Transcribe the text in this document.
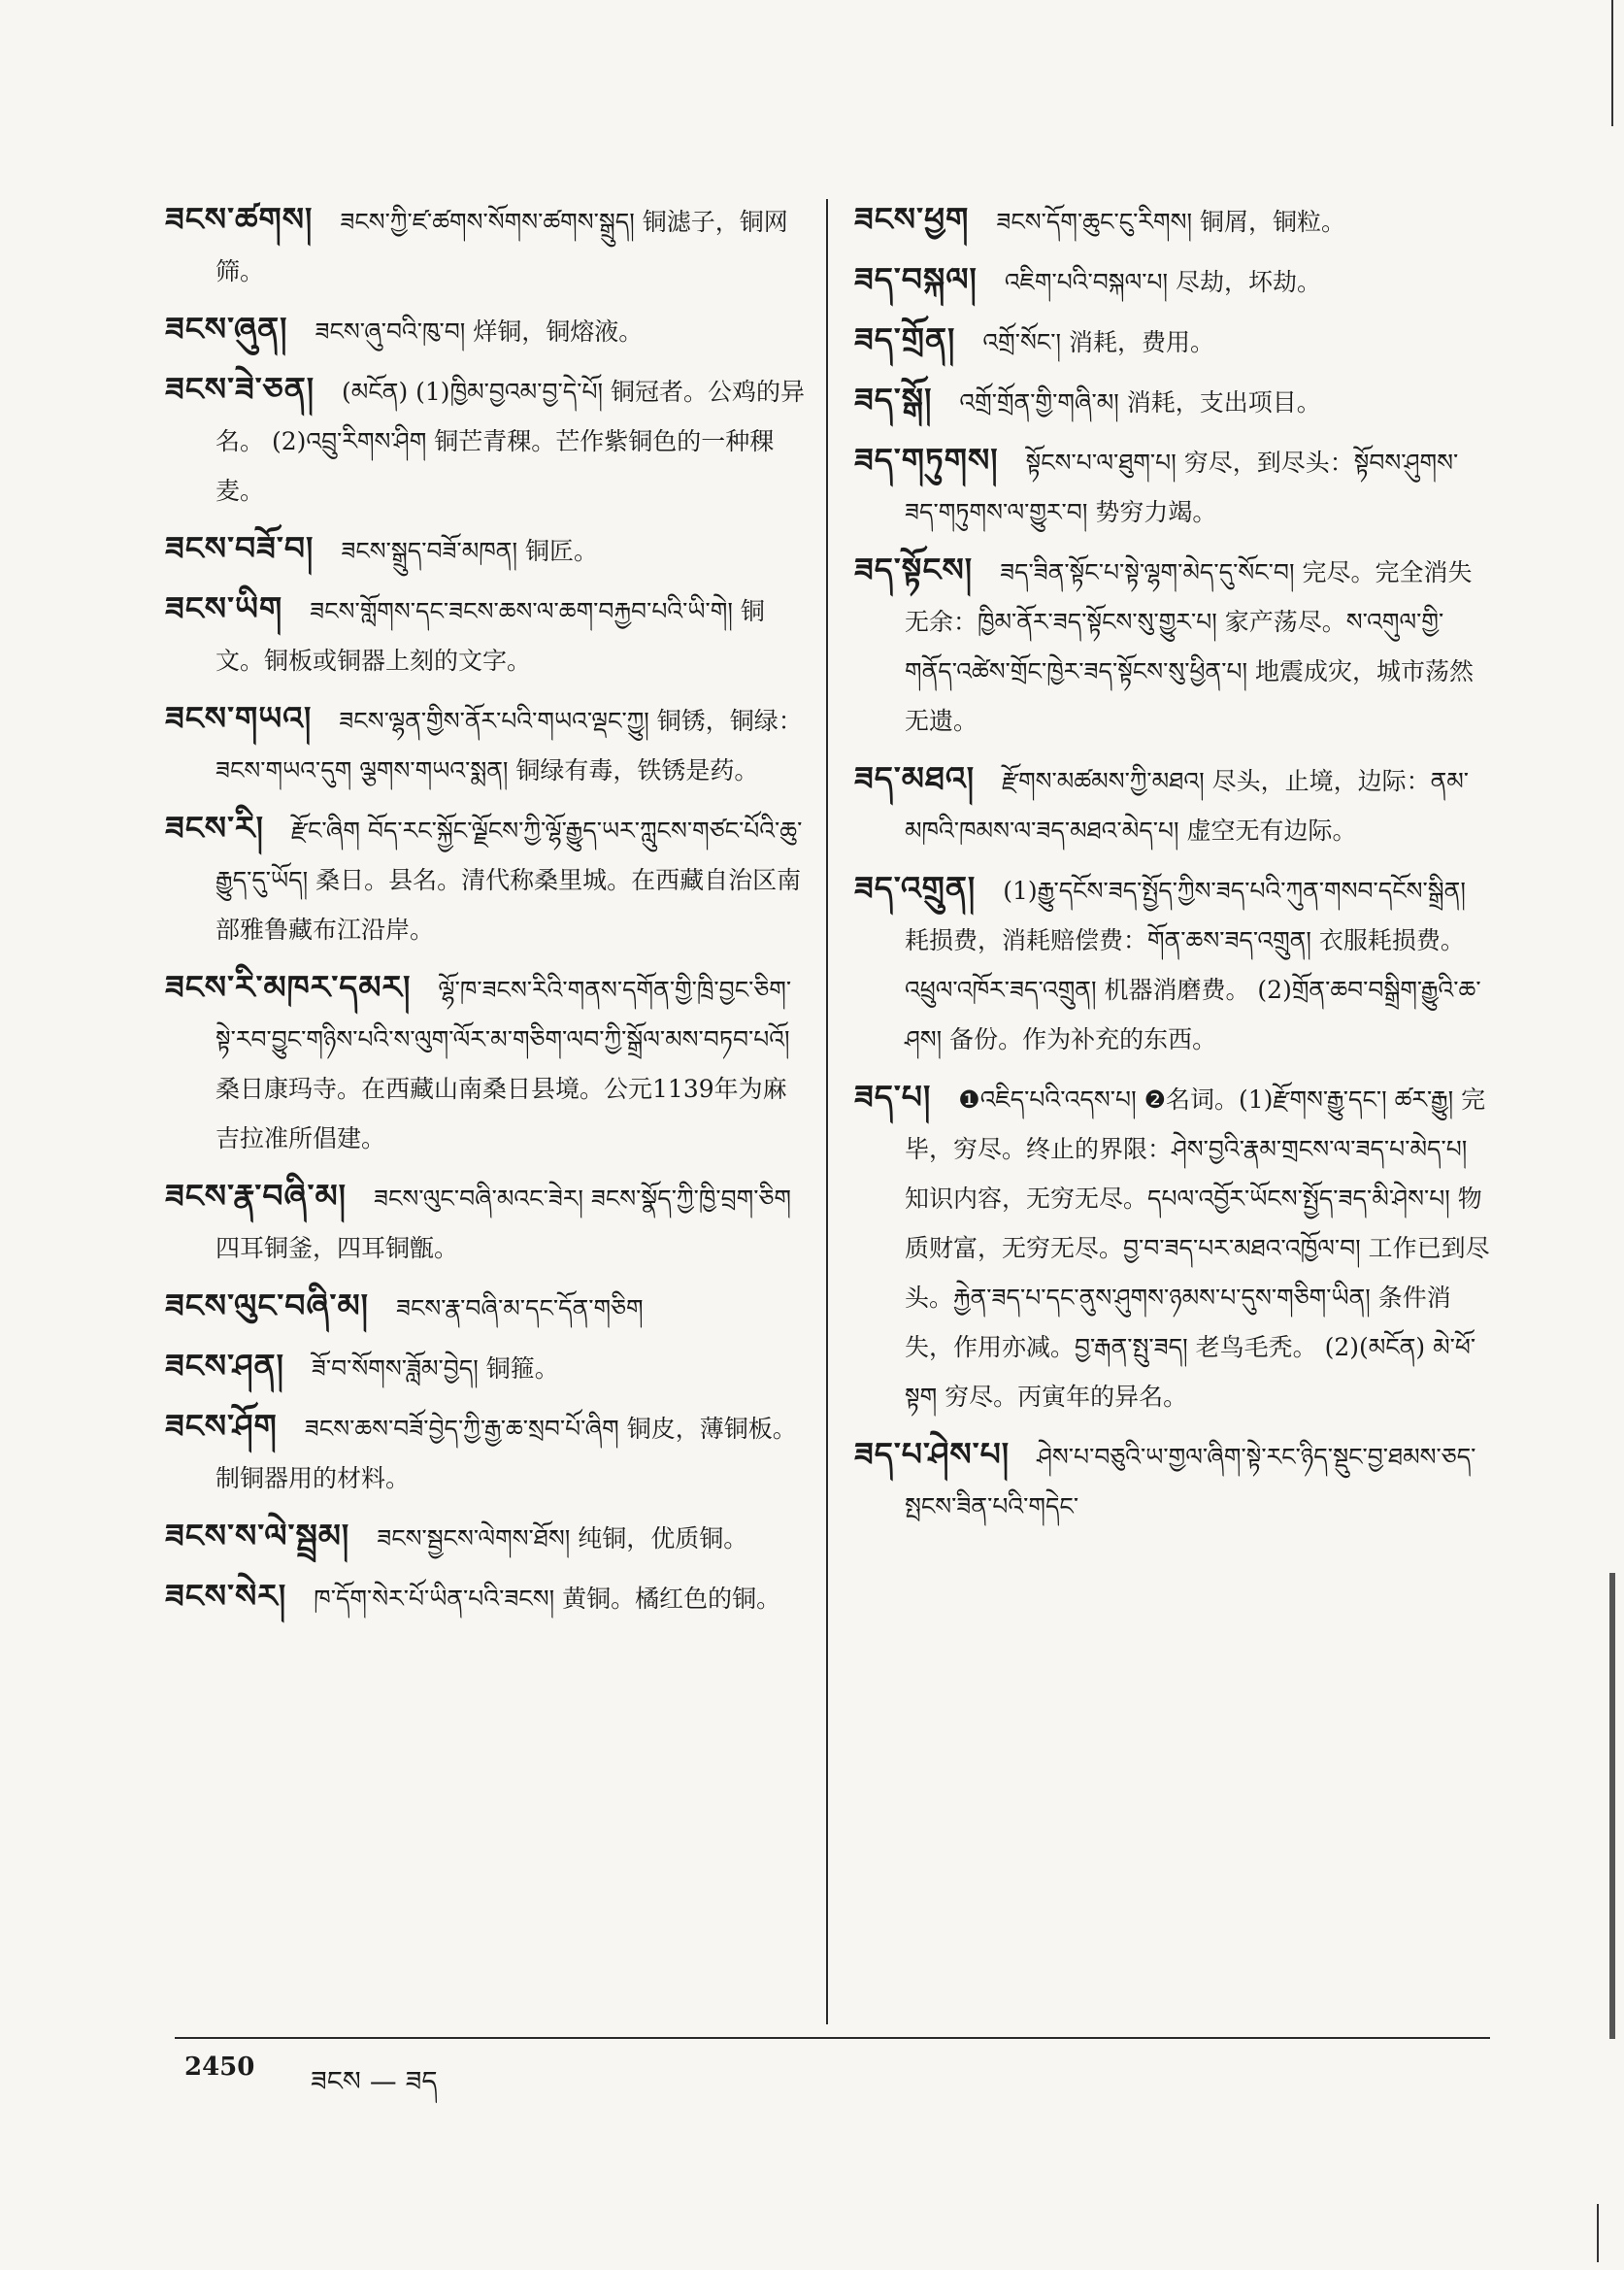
ཟངས་ཚགས། ཟངས་ཀྱི་ཛ་ཚགས་སོགས་ཚགས་སྒྲུད། 铜滤子，铜网筛。
ཟངས་ཞུན། ཟངས་ཞུ་བའི་ཁུ་བ། 烊铜，铜熔液。
ཟངས་ཟེ་ཅན། (མངོན) (1)ཁྱིམ་བྱའམ་བྱ་དེ་པོ། 铜冠者。公鸡的异名。 (2)འབྲུ་རིགས་ཤིག 铜芒青稞。芒作紫铜色的一种稞麦。
ཟངས་བཟོ་བ། ཟངས་སྒྲུད་བཟོ་མཁན། 铜匠。
ཟངས་ཡིག ཟངས་གློགས་དང་ཟངས་ཆས་ལ་ཆག་བརྐྱབ་པའི་ཡི་གེ། 铜文。铜板或铜器上刻的文字。
ཟངས་གཡའ། ཟངས་ལྷན་གྱིས་ནོར་པའི་གཡའ་ལྡང་ཀྱུ། 铜锈，铜绿：ཟངས་གཡའ་དུག ལྕགས་གཡའ་སྨན། 铜绿有毒，铁锈是药。
ཟངས་རི། རྫོང་ཞིག བོད་རང་སྐྱོང་ལྗོངས་ཀྱི་ལྷོ་རྒྱུད་ཡར་ཀླུངས་གཙང་པོའི་ཆུ་རྒྱུད་དུ་ཡོད། 桑日。县名。清代称桑里城。在西藏自治区南部雅鲁藏布江沿岸。
ཟངས་རི་མཁར་དམར། ལྷོ་ཁ་ཟངས་རིའི་གནས་དགོན་གྱི་ཁྲི་བྱང་ཅིག་སྟེ་རབ་བྱུང་གཉིས་པའི་ས་ལུག་ལོར་མ་གཅིག་ལབ་ཀྱི་སྒྲོལ་མས་བཏབ་པའོ། 桑日康玛寺。在西藏山南桑日县境。公元1139年为麻吉拉准所倡建。
ཟངས་རྣ་བཞི་མ། ཟངས་ལུང་བཞི་མའང་ཟེར། ཟངས་སྣོད་ཀྱི་ཁྱི་བྲག་ཅིག 四耳铜釜，四耳铜甑。
ཟངས་ལུང་བཞི་མ། ཟངས་རྣ་བཞི་མ་དང་དོན་གཅིག
ཟངས་ཤན། ཟོ་བ་སོགས་ཟློམ་བྱེད། 铜箍。
ཟངས་ཤོག ཟངས་ཆས་བཟོ་བྱེད་ཀྱི་རྒྱ་ཆ་སྲབ་པོ་ཞིག 铜皮，薄铜板。制铜器用的材料。
ཟངས་ས་ལེ་སྦྲམ། ཟངས་སྦྱངས་ལེགས་ཐོས། 纯铜，优质铜。
ཟངས་སེར། ཁ་དོག་སེར་པོ་ཡིན་པའི་ཟངས། 黄铜。橘红色的铜。
ཟངས་ཕྱག ཟངས་དོག་ཆུང་ངུ་རིགས། 铜屑，铜粒。
ཟད་བསྐལ། འཇིག་པའི་བསྐལ་པ། 尽劫，坏劫。
ཟད་གྲོན། འགྲོ་སོང་། 消耗，费用。
ཟད་སྒོ། འགྲོ་གྲོན་གྱི་གཞི་མ། 消耗，支出项目。
ཟད་གཏུགས། སྟོངས་པ་ལ་ཐུག་པ། 穷尽，到尽头：སྟོབས་ཤུགས་ཟད་གཏུགས་ལ་གྱུར་བ། 势穷力竭。
ཟད་སྟོངས། ཟད་ཟིན་སྟོང་པ་སྟེ་ལྷག་མེད་དུ་སོང་བ། 完尽。完全消失无余：ཁྱིམ་ནོར་ཟད་སྟོངས་སུ་གྱུར་པ། 家产荡尽。ས་འགུལ་གྱི་གནོད་འཚེས་གྲོང་ཁྱེར་ཟད་སྟོངས་སུ་ཕྱིན་པ། 地震成灾，城市荡然无遗。
ཟད་མཐའ། རྫོགས་མཚམས་ཀྱི་མཐའ། 尽头，止境，边际：ནམ་མཁའི་ཁམས་ལ་ཟད་མཐའ་མེད་པ། 虚空无有边际。
ཟད་འགྲུན། (1)རྒྱུ་དངོས་ཟད་སྤྱོད་ཀྱིས་ཟད་པའི་ཀུན་གསབ་དངོས་སྒྲིན། 耗损费，消耗赔偿费：གོན་ཆས་ཟད་འགྲུན། 衣服耗损费。འཕྲུལ་འཁོར་ཟད་འགྲུན། 机器消磨费。 (2)གྲོན་ཆབ་བསྒྲིག་རྒྱུའི་ཆ་ཤས། 备份。作为补充的东西。
ཟད་པ། ❶འཇིད་པའི་འདས་པ། ❷名词。(1)རྫོགས་རྒྱུ་དང་། ཚར་རྒྱུ། 完毕，穷尽。终止的界限：ཤེས་བྱའི་རྣམ་གྲངས་ལ་ཟད་པ་མེད་པ། 知识内容，无穷无尽。དཔལ་འབྱོར་ཡོངས་སྤྱོད་ཟད་མི་ཤེས་པ། 物质财富，无穷无尽。བྱ་བ་ཟད་པར་མཐའ་འཁྱོལ་བ། 工作已到尽头。རྐྱེན་ཟད་པ་དང་ནུས་ཤུགས་ཉམས་པ་དུས་གཅིག་ཡིན། 条件消失，作用亦减。བྱ་རྒན་སྤུ་ཟད། 老鸟毛秃。 (2)(མངོན) མེ་ཕོ་སྟག 穷尽。丙寅年的异名。
ཟད་པ་ཤེས་པ། ཤེས་པ་བཅུའི་ཡ་གྱལ་ཞིག་སྟེ་རང་ཉིད་སྡུང་བྱ་ཐམས་ཅད་སྤངས་ཟིན་པའི་གདེང་
2450 ཟངས — ཟད
